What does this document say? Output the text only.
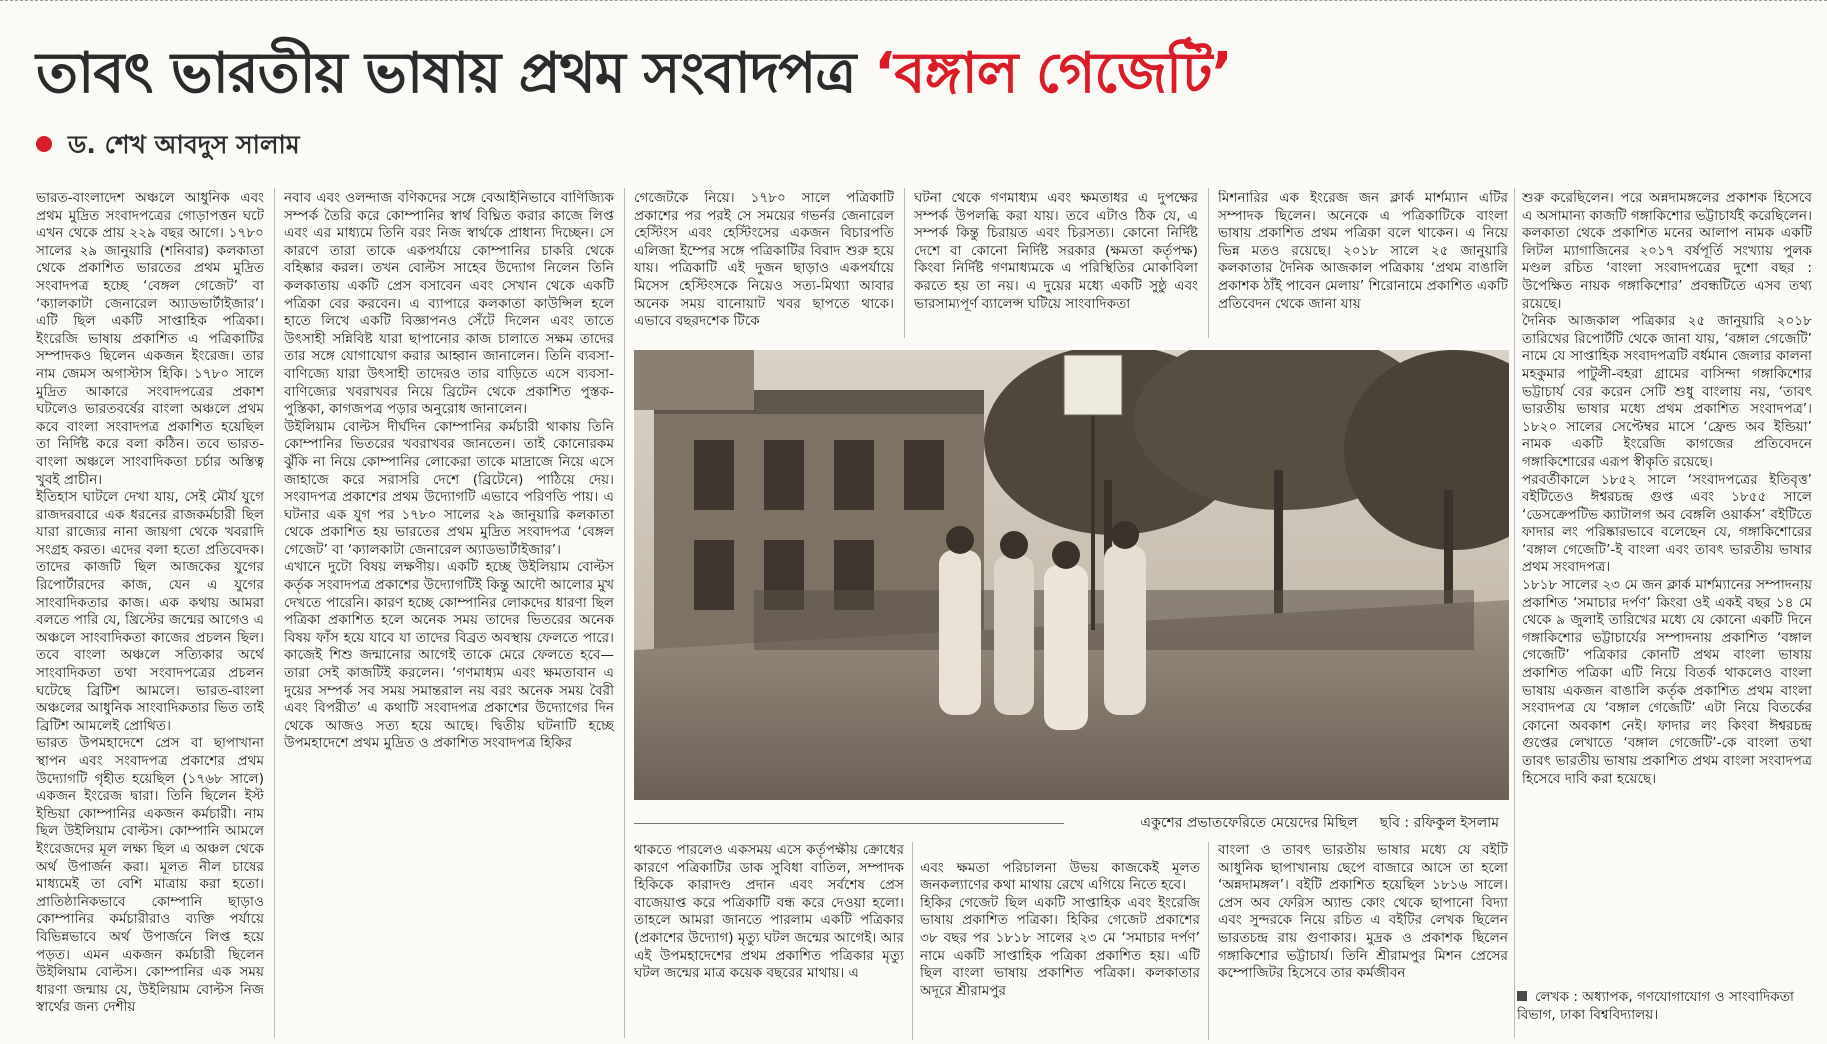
তাবৎ ভারতীয় ভাষায় প্রথম সংবাদপত্র ‘বঙ্গাল গেজেটি’
ড. শেখ আবদুস সালাম

ভারত-বাংলাদেশ অঞ্চলে আধুনিক এবং প্রথম মুদ্রিত সংবাদপত্রের গোড়াপত্তন ঘটে এখন থেকে প্রায় ২২৯ বছর আগে। ১৭৮০ সালের ২৯ জানুয়ারি (শনিবার) কলকাতা থেকে প্রকাশিত ভারতের প্রথম মুদ্রিত সংবাদপত্র হচ্ছে ‘বেঙ্গল গেজেট’ বা ‘ক্যালকাটা জেনারেল অ্যাডভার্টাইজার’। এটি ছিল একটি সাপ্তাহিক পত্রিকা। ইংরেজি ভাষায় প্রকাশিত এ পত্রিকাটির সম্পাদকও ছিলেন একজন ইংরেজ। তার নাম জেমস অগাস্টাস হিকি। ১৭৮০ সালে মুদ্রিত আকারে সংবাদপত্রের প্রকাশ ঘটলেও ভারতবর্ষের বাংলা অঞ্চলে প্রথম কবে বাংলা সংবাদপত্র প্রকাশিত হয়েছিল তা নির্দিষ্ট করে বলা কঠিন। তবে ভারত-বাংলা অঞ্চলে সাংবাদিকতা চর্চার অস্তিত্ব খুবই প্রাচীন।

ইতিহাস ঘাটলে দেখা যায়, সেই মৌর্য যুগে রাজদরবারে এক ধরনের রাজকর্মচারী ছিল যারা রাজ্যের নানা জায়গা থেকে খবরাদি সংগ্রহ করত। এদের বলা হতো প্রতিবেদক। তাদের কাজটি ছিল আজকের যুগের রিপোর্টারদের কাজ, যেন এ যুগের সাংবাদিকতার কাজ। এক কথায় আমরা বলতে পারি যে, খ্রিস্টের জন্মের আগেও এ অঞ্চলে সাংবাদিকতা কাজের প্রচলন ছিল। তবে বাংলা অঞ্চলে সত্যিকার অর্থে সাংবাদিকতা তথা সংবাদপত্রের প্রচলন ঘটেছে ব্রিটিশ আমলে। ভারত-বাংলা অঞ্চলের আধুনিক সাংবাদিকতার ভিত তাই ব্রিটিশ আমলেই প্রোথিত।

ভারত উপমহাদেশে প্রেস বা ছাপাখানা স্থাপন এবং সংবাদপত্র প্রকাশের প্রথম উদ্যোগটি গৃহীত হয়েছিল (১৭৬৮ সালে) একজন ইংরেজ দ্বারা। তিনি ছিলেন ইস্ট ইন্ডিয়া কোম্পানির একজন কর্মচারী। নাম ছিল উইলিয়াম বোল্টস। কোম্পানি আমলে ইংরেজদের মূল লক্ষ্য ছিল এ অঞ্চল থেকে অর্থ উপার্জন করা। মূলত নীল চাষের মাধ্যমেই তা বেশি মাত্রায় করা হতো। প্রাতিষ্ঠানিকভাবে কোম্পানি ছাড়াও কোম্পানির কর্মচারীরাও ব্যক্তি পর্যায়ে বিভিন্নভাবে অর্থ উপার্জনে লিপ্ত হয়ে পড়ত। এমন একজন কর্মচারী ছিলেন উইলিয়াম বোল্টস। কোম্পানির এক সময় ধারণা জন্মায় যে, উইলিয়াম বোল্টস নিজ স্বার্থের জন্য দেশীয়

নবাব এবং ওলন্দাজ বণিকদের সঙ্গে বেআইনিভাবে বাণিজ্যিক সম্পর্ক তৈরি করে কোম্পানির স্বার্থ বিঘ্নিত করার কাজে লিপ্ত এবং এর মাধ্যমে তিনি বরং নিজ স্বার্থকে প্রাধান্য দিচ্ছেন। সে কারণে তারা তাকে একপর্যায়ে কোম্পানির চাকরি থেকে বহিষ্কার করল। তখন বোল্টস সাহেব উদ্যোগ নিলেন তিনি কলকাতায় একটি প্রেস বসাবেন এবং সেখান থেকে একটি পত্রিকা বের করবেন। এ ব্যাপারে কলকাতা কাউন্সিল হলে হাতে লিখে একটি বিজ্ঞাপনও সেঁটে দিলেন এবং তাতে উৎসাহী সন্নিবিষ্ট যারা ছাপানোর কাজ চালাতে সক্ষম তাদের তার সঙ্গে যোগাযোগ করার আহ্বান জানালেন। তিনি ব্যবসা-বাণিজ্যে যারা উৎসাহী তাদেরও তার বাড়িতে এসে ব্যবসা-বাণিজ্যের খবরাখবর নিয়ে ব্রিটেন থেকে প্রকাশিত পুস্তক-পুস্তিকা, কাগজপত্র পড়ার অনুরোধ জানালেন।

উইলিয়াম বোল্টস দীর্ঘদিন কোম্পানির কর্মচারী থাকায় তিনি কোম্পানির ভিতরের খবরাখবর জানতেন। তাই কোনোরকম ঝুঁকি না নিয়ে কোম্পানির লোকেরা তাকে মাদ্রাজে নিয়ে এসে জাহাজে করে সরাসরি দেশে (ব্রিটেনে) পাঠিয়ে দেয়। সংবাদপত্র প্রকাশের প্রথম উদ্যোগটি এভাবে পরিণতি পায়। এ ঘটনার এক যুগ পর ১৭৮০ সালের ২৯ জানুয়ারি কলকাতা থেকে প্রকাশিত হয় ভারতের প্রথম মুদ্রিত সংবাদপত্র ‘বেঙ্গল গেজেট’ বা ‘ক্যালকাটা জেনারেল অ্যাডভার্টাইজার’।

এখানে দুটো বিষয় লক্ষণীয়। একটি হচ্ছে উইলিয়াম বোল্টস কর্তৃক সংবাদপত্র প্রকাশের উদ্যোগটিই কিন্তু আদৌ আলোর মুখ দেখতে পারেনি। কারণ হচ্ছে কোম্পানির লোকদের ধারণা ছিল পত্রিকা প্রকাশিত হলে অনেক সময় তাদের ভিতরের অনেক বিষয় ফাঁস হয়ে যাবে যা তাদের বিব্রত অবস্থায় ফেলতে পারে। কাজেই শিশু জন্মানোর আগেই তাকে মেরে ফেলতে হবে— তারা সেই কাজটিই করলেন। ‘গণমাধ্যম এবং ক্ষমতাবান এ দুয়ের সম্পর্ক সব সময় সমান্তরাল নয় বরং অনেক সময় বৈরী এবং বিপরীত’ এ কথাটি সংবাদপত্র প্রকাশের উদ্যোগের দিন থেকে আজও সত্য হয়ে আছে। দ্বিতীয় ঘটনাটি হচ্ছে উপমহাদেশে প্রথম মুদ্রিত ও প্রকাশিত সংবাদপত্র হিকির

গেজেটকে নিয়ে। ১৭৮০ সালে পত্রিকাটি প্রকাশের পর পরই সে সময়ের গভর্নর জেনারেল হেস্টিংস এবং হেস্টিংসের একজন বিচারপতি এলিজা ইম্পের সঙ্গে পত্রিকাটির বিবাদ শুরু হয়ে যায়। পত্রিকাটি এই দুজন ছাড়াও একপর্যায়ে মিসেস হেস্টিংসকে নিয়েও সত্য-মিথ্যা আবার অনেক সময় বানোয়াট খবর ছাপতে থাকে। এভাবে বছরদশেক টিকে

ঘটনা থেকে গণমাধ্যম এবং ক্ষমতাধর এ দুপক্ষের সম্পর্ক উপলব্ধি করা যায়। তবে এটাও ঠিক যে, এ সম্পর্ক কিন্তু চিরায়ত এবং চিরসত্য। কোনো নির্দিষ্ট দেশে বা কোনো নির্দিষ্ট সরকার (ক্ষমতা কর্তৃপক্ষ) কিংবা নির্দিষ্ট গণমাধ্যমকে এ পরিস্থিতির মোকাবিলা করতে হয় তা নয়। এ দুয়ের মধ্যে একটি সুষ্ঠু এবং ভারসাম্যপূর্ণ ব্যালেন্স ঘটিয়ে সাংবাদিকতা

মিশনারির এক ইংরেজ জন ক্লার্ক মার্শম্যান এটির সম্পাদক ছিলেন। অনেকে এ পত্রিকাটিকে বাংলা ভাষায় প্রকাশিত প্রথম পত্রিকা বলে থাকেন। এ নিয়ে ভিন্ন মতও রয়েছে। ২০১৮ সালে ২৫ জানুয়ারি কলকাতার দৈনিক আজকাল পত্রিকায় ‘প্রথম বাঙালি প্রকাশক ঠাঁই পাবেন মেলায়’ শিরোনামে প্রকাশিত একটি প্রতিবেদন থেকে জানা যায়

শুরু করেছিলেন। পরে অন্নদামঙ্গলের প্রকাশক হিসেবে এ অসামান্য কাজটি গঙ্গাকিশোর ভট্টাচার্যই করেছিলেন। কলকাতা থেকে প্রকাশিত মনের আলাপ নামক একটি লিটল ম্যাগাজিনের ২০১৭ বর্ষপূর্তি সংখ্যায় পুলক মণ্ডল রচিত ‘বাংলা সংবাদপত্রের দুশো বছর : উপেক্ষিত নায়ক গঙ্গাকিশোর’ প্রবন্ধটিতে এসব তথ্য রয়েছে।

দৈনিক আজকাল পত্রিকার ২৫ জানুয়ারি ২০১৮ তারিখের রিপোর্টটি থেকে জানা যায়, ‘বঙ্গাল গেজেটি’ নামে যে সাপ্তাহিক সংবাদপত্রটি বর্ধমান জেলার কালনা মহকুমার পাটুলী-বহরা গ্রামের বাসিন্দা গঙ্গাকিশোর ভট্টাচার্য বের করেন সেটি শুধু বাংলায় নয়, ‘তাবৎ ভারতীয় ভাষার মধ্যে প্রথম প্রকাশিত সংবাদপত্র’। ১৮২০ সালের সেপ্টেম্বর মাসে ‘ফ্রেন্ড অব ইন্ডিয়া’ নামক একটি ইংরেজি কাগজের প্রতিবেদনে গঙ্গাকিশোরের এরূপ স্বীকৃতি রয়েছে।

পরবর্তীকালে ১৮৫২ সালে ‘সংবাদপত্রের ইতিবৃত্ত’ বইটিতেও ঈশ্বরচন্দ্র গুপ্ত এবং ১৮৫৫ সালে ‘ডেসক্রেপটিভ ক্যাটালগ অব বেঙ্গলি ওয়ার্কস’ বইটিতে ফাদার লং পরিষ্কারভাবে বলেছেন যে, গঙ্গাকিশোরের ‘বঙ্গাল গেজেটি’-ই বাংলা এবং তাবৎ ভারতীয় ভাষার প্রথম সংবাদপত্র।

১৮১৮ সালের ২৩ মে জন ক্লার্ক মার্শম্যানের সম্পাদনায় প্রকাশিত ‘সমাচার দর্পণ’ কিংবা ওই একই বছর ১৪ মে থেকে ৯ জুলাই তারিখের মধ্যে যে কোনো একটি দিনে গঙ্গাকিশোর ভট্টাচার্যের সম্পাদনায় প্রকাশিত ‘বঙ্গাল গেজেটি’ পত্রিকার কোনটি প্রথম বাংলা ভাষায় প্রকাশিত পত্রিকা এটি নিয়ে বিতর্ক থাকলেও বাংলা ভাষায় একজন বাঙালি কর্তৃক প্রকাশিত প্রথম বাংলা সংবাদপত্র যে ‘বঙ্গাল গেজেটি’ এটা নিয়ে বিতর্কের কোনো অবকাশ নেই। ফাদার লং কিংবা ঈশ্বরচন্দ্র গুপ্তের লেখাতে ‘বঙ্গাল গেজেটি’-কে বাংলা তথা তাবৎ ভারতীয় ভাষায় প্রকাশিত প্রথম বাংলা সংবাদপত্র হিসেবে দাবি করা হয়েছে।

একুশের প্রভাতফেরিতে মেয়েদের মিছিল ছবি : রফিকুল ইসলাম

থাকতে পারলেও একসময় এসে কর্তৃপক্ষীয় ক্রোধের কারণে পত্রিকাটির ডাক সুবিধা বাতিল, সম্পাদক হিকিকে কারাদণ্ড প্রদান এবং সর্বশেষ প্রেস বাজেয়াপ্ত করে পত্রিকাটি বন্ধ করে দেওয়া হলো। তাহলে আমরা জানতে পারলাম একটি পত্রিকার (প্রকাশের উদ্যোগ) মৃত্যু ঘটল জন্মের আগেই। আর এই উপমহাদেশের প্রথম প্রকাশিত পত্রিকার মৃত্যু ঘটল জন্মের মাত্র কয়েক বছরের মাথায়। এ

এবং ক্ষমতা পরিচালনা উভয় কাজকেই মূলত জনকল্যাণের কথা মাথায় রেখে এগিয়ে নিতে হবে।
হিকির গেজেট ছিল একটি সাপ্তাহিক এবং ইংরেজি ভাষায় প্রকাশিত পত্রিকা। হিকির গেজেট প্রকাশের ৩৮ বছর পর ১৮১৮ সালের ২৩ মে ‘সমাচার দর্পণ’ নামে একটি সাপ্তাহিক পত্রিকা প্রকাশিত হয়। এটি ছিল বাংলা ভাষায় প্রকাশিত পত্রিকা। কলকাতার অদূরে শ্রীরামপুর

বাংলা ও তাবৎ ভারতীয় ভাষার মধ্যে যে বইটি আধুনিক ছাপাখানায় ছেপে বাজারে আসে তা হলো ‘অন্নদামঙ্গল’। বইটি প্রকাশিত হয়েছিল ১৮১৬ সালে। প্রেস অব ফেরিস অ্যান্ড কোং থেকে ছাপানো বিদ্যা এবং সুন্দরকে নিয়ে রচিত এ বইটির লেখক ছিলেন ভারতচন্দ্র রায় গুণাকার। মুদ্রক ও প্রকাশক ছিলেন গঙ্গাকিশোর ভট্টাচার্য। তিনি শ্রীরামপুর মিশন প্রেসের কম্পোজিটর হিসেবে তার কর্মজীবন

লেখক : অধ্যাপক, গণযোগাযোগ ও সাংবাদিকতা বিভাগ, ঢাকা বিশ্ববিদ্যালয়।
